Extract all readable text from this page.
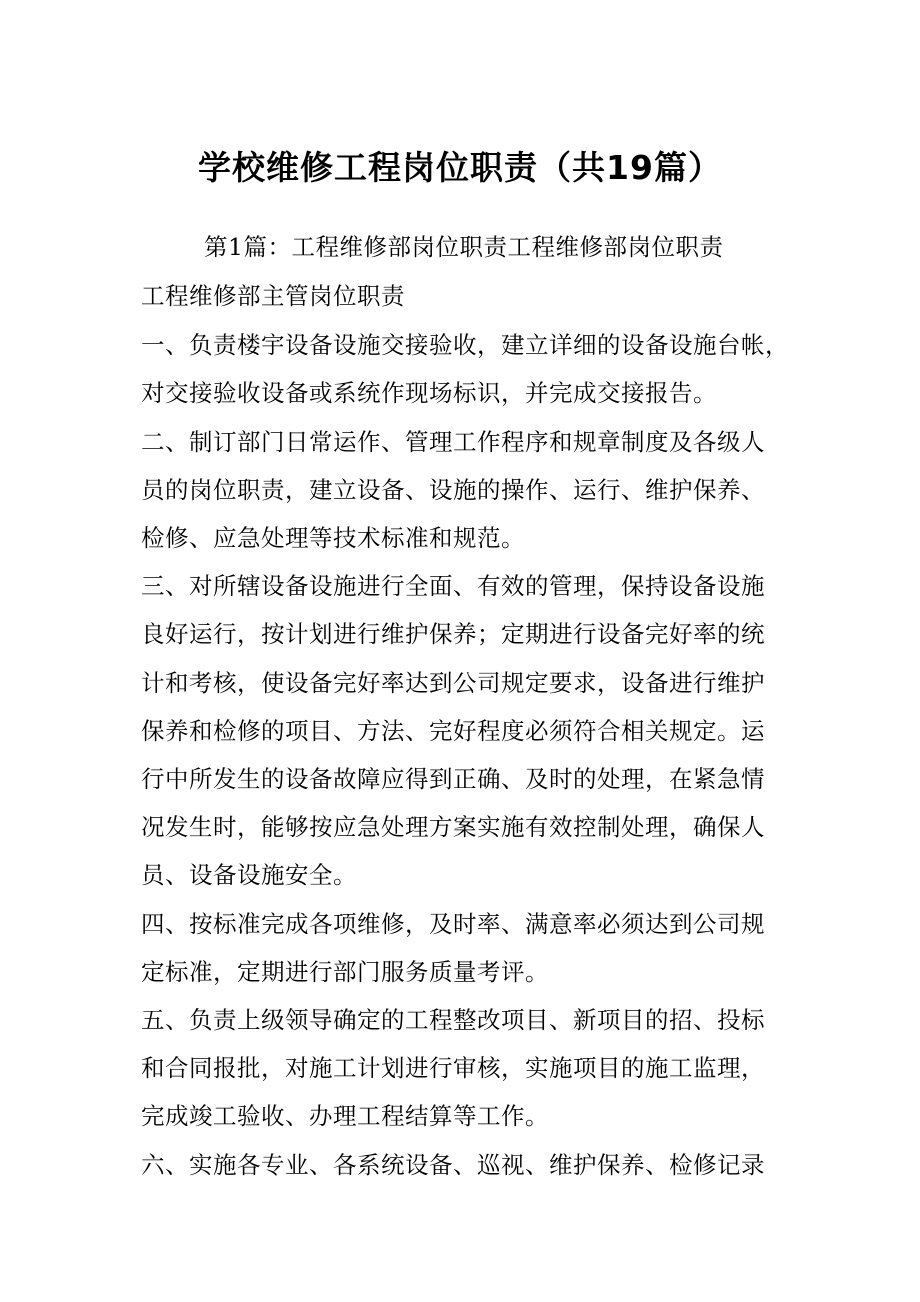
学校维修工程岗位职责（共19篇）
第1篇：工程维修部岗位职责工程维修部岗位职责
工程维修部主管岗位职责
一、负责楼宇设备设施交接验收，建立详细的设备设施台帐，
对交接验收设备或系统作现场标识，并完成交接报告。
二、制订部门日常运作、管理工作程序和规章制度及各级人
员的岗位职责，建立设备、设施的操作、运行、维护保养、
检修、应急处理等技术标准和规范。
三、对所辖设备设施进行全面、有效的管理，保持设备设施
良好运行，按计划进行维护保养；定期进行设备完好率的统
计和考核，使设备完好率达到公司规定要求，设备进行维护
保养和检修的项目、方法、完好程度必须符合相关规定。运
行中所发生的设备故障应得到正确、及时的处理，在紧急情
况发生时，能够按应急处理方案实施有效控制处理，确保人
员、设备设施安全。
四、按标准完成各项维修，及时率、满意率必须达到公司规
定标准，定期进行部门服务质量考评。
五、负责上级领导确定的工程整改项目、新项目的招、投标
和合同报批，对施工计划进行审核，实施项目的施工监理，
完成竣工验收、办理工程结算等工作。
六、实施各专业、各系统设备、巡视、维护保养、检修记录
